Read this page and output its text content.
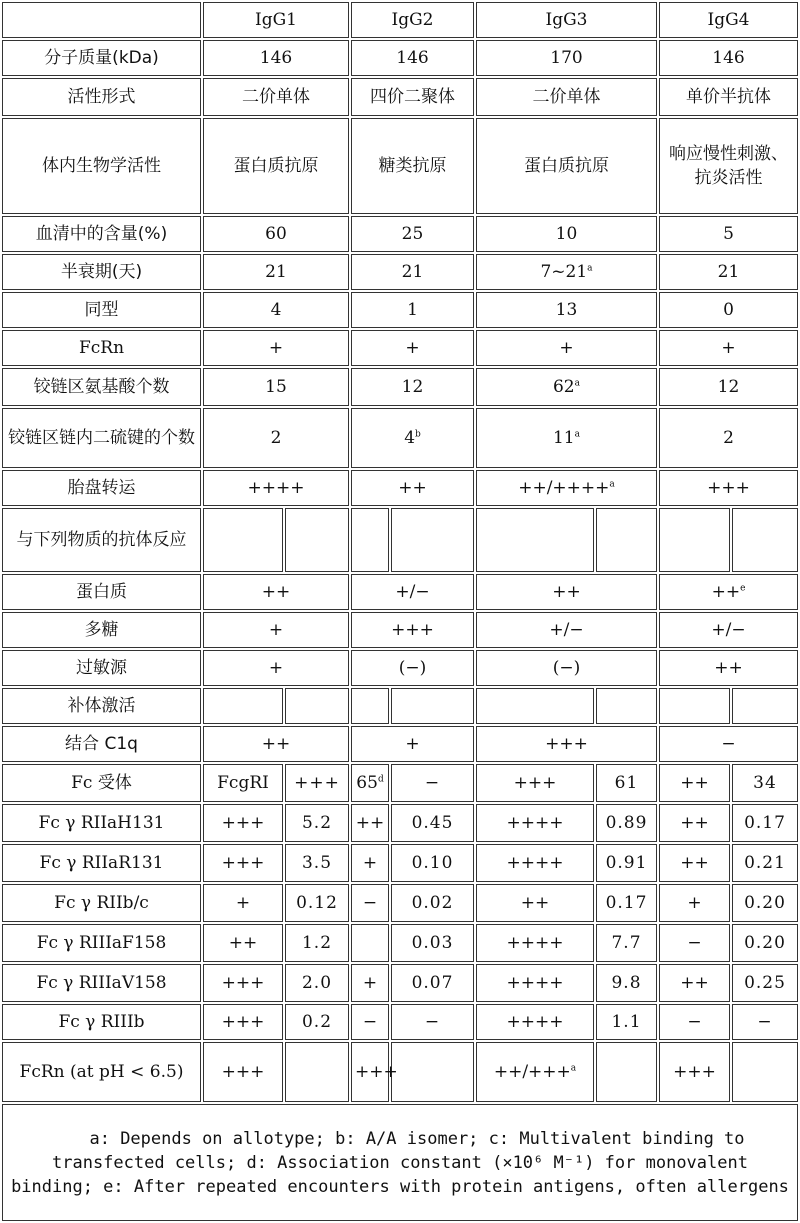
	IgG1		IgG2		IgG3		IgG4	
分子质量(kDa)	146		146		170		146	
活性形式	二价单体		四价二聚体		二价单体		单价半抗体	
体内生物学活性	蛋白质抗原		糖类抗原		蛋白质抗原		响应慢性刺激、抗炎活性	
血清中的含量(%)	60		25		10		5	
半衰期(天)	21		21		7~21$^a$		21	
同型	4		1		13		0	
FcRn	+		+		+		+	
铰链区氨基酸个数	15		12		62$^a$		12	
铰链区链内二硫键的个数	2		4$^b$		11$^a$		2	
胎盘转运	++++		++		++/++++$^a$		+++	
与下列物质的抗体反应								
蛋白质	++		+/−		++		++$^e$
多糖	+		+++		+/−		+/−	
过敏源	+		(−)		(−)		++	
补体激活								
结合 C1q	++		+		+++		−	
Fc 受体	FcgRI	+++	$65^d$	−	+++	61	++	34
Fc γ RIIaH131	+++	5.2	++	0.45	++++	0.89	++	0.17
Fc γ RIIaR131	+++	3.5	+	0.10	++++	0.91	++	0.21
Fc γ RIIb/c	+	0.12	−	0.02	++	0.17	+	0.20
Fc γ RIIIaF158	++	1.2		0.03	++++	7.7	−	0.20
Fc γ RIIIaV158	+++	2.0	+	0.07	++++	9.8	++	0.25
Fc γ RIIIb	+++	0.2	−	−	++++	1.1	−	−
FcRn (at pH < 6.5)	+++		+++		++/+++$^a$		+++	
a: Depends on allotype; b: A/A isomer; c: Multivalent binding to transfected cells; d: Association constant (×10⁶ M⁻¹) for monovalent binding; e: After repeated encounters with protein antigens, often allergens								
